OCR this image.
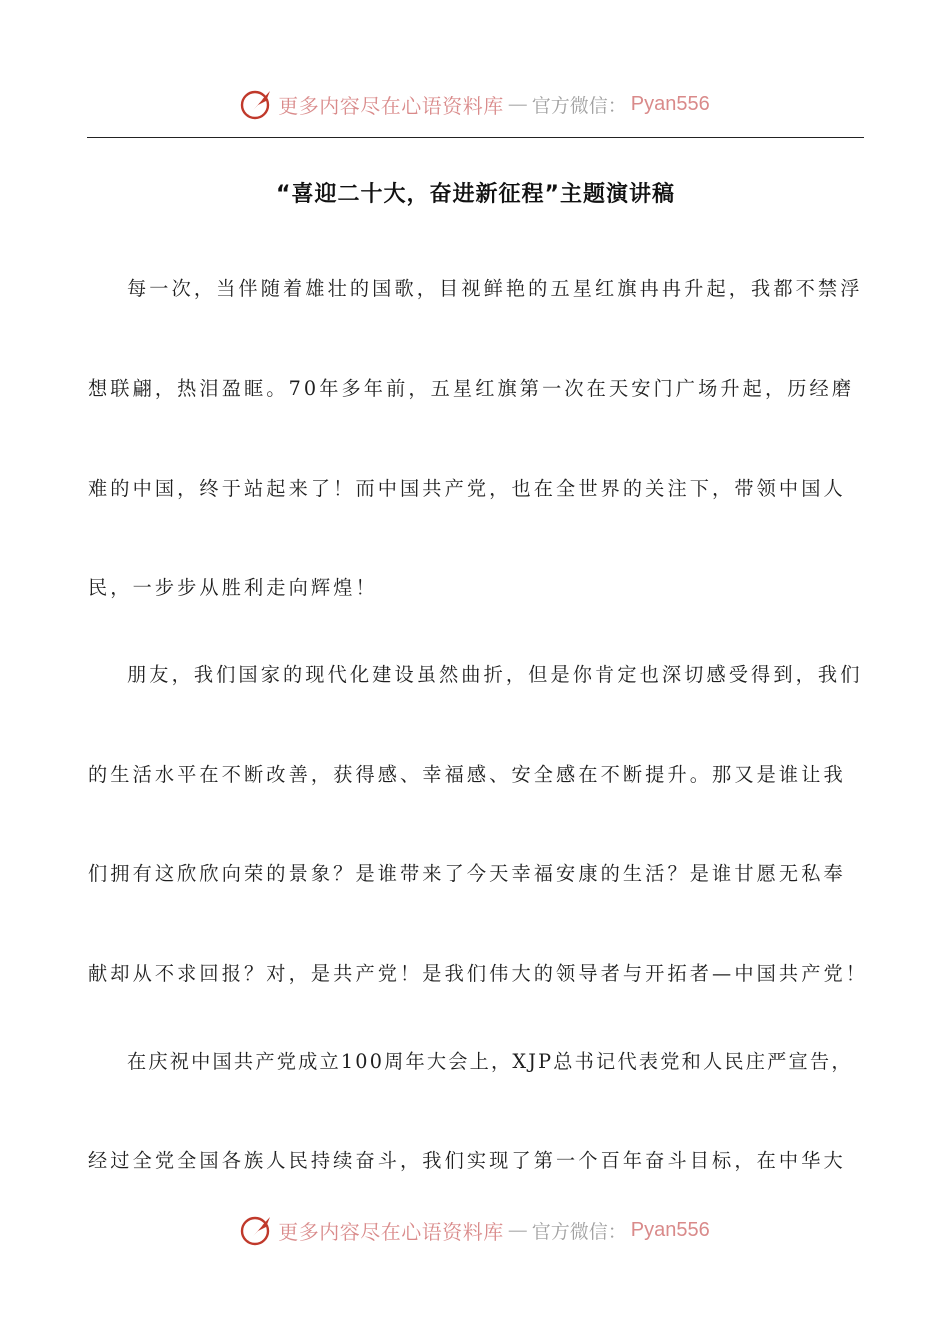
更多内容尽在心语资料库 — 官方微信： Pyan556
“喜迎二十大，奋进新征程”主题演讲稿
每一次，当伴随着雄壮的国歌，目视鲜艳的五星红旗冉冉升起，我都不禁浮
想联翩，热泪盈眶。70年多年前，五星红旗第一次在天安门广场升起，历经磨
难的中国，终于站起来了！而中国共产党，也在全世界的关注下，带领中国人
民，一步步从胜利走向辉煌！
朋友，我们国家的现代化建设虽然曲折，但是你肯定也深切感受得到，我们
的生活水平在不断改善，获得感、幸福感、安全感在不断提升。那又是谁让我
们拥有这欣欣向荣的景象？是谁带来了今天幸福安康的生活？是谁甘愿无私奉
献却从不求回报？对，是共产党！是我们伟大的领导者与开拓者—中国共产党！
在庆祝中国共产党成立100周年大会上，XJP总书记代表党和人民庄严宣告，
经过全党全国各族人民持续奋斗，我们实现了第一个百年奋斗目标，在中华大
更多内容尽在心语资料库 — 官方微信： Pyan556
